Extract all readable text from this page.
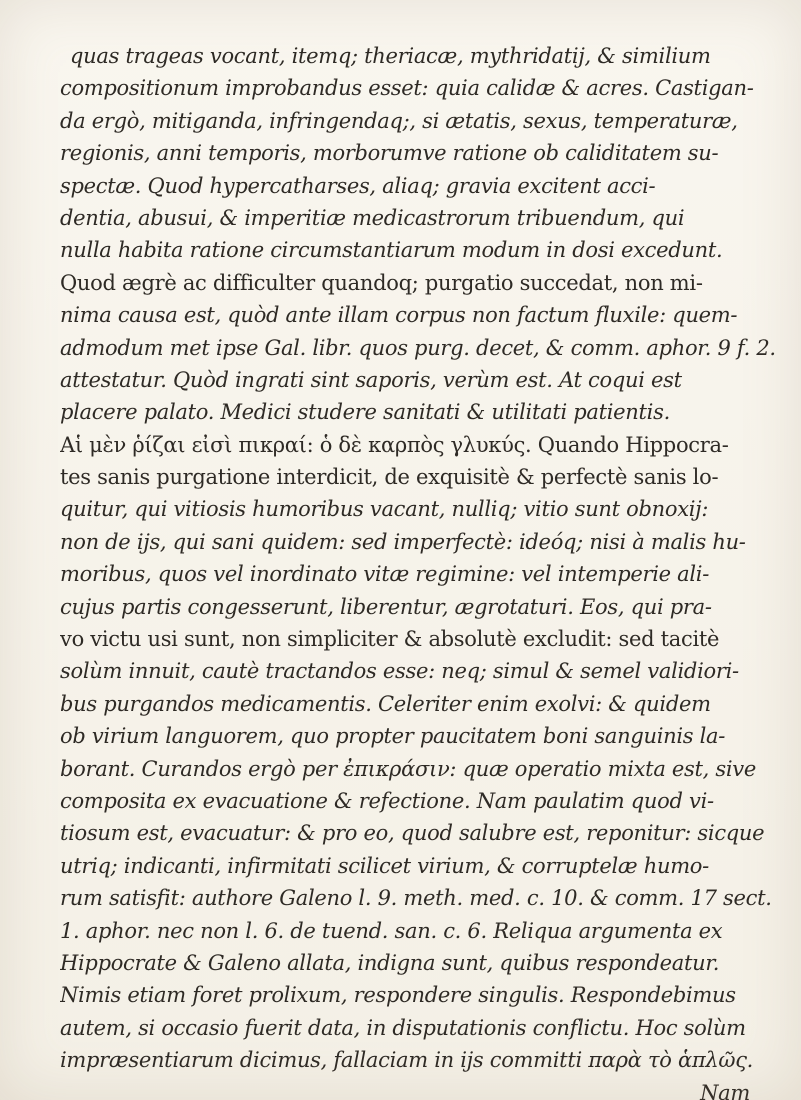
quas trageas vocant, itemq; theriacæ, mythridatij, & similium
compositionum improbandus esset: quia calidæ & acres. Castigan-
da ergò, mitiganda, infringendaq;, si ætatis, sexus, temperaturæ,
regionis, anni temporis, morborumve ratione ob caliditatem su-
spectæ. Quod hypercatharses, aliaq; gravia excitent acci-
dentia, abusui, & imperitiæ medicastrorum tribuendum, qui
nulla habita ratione circumstantiarum modum in dosi excedunt.
Quod ægrè ac difficulter quandoq; purgatio succedat, non mi-
nima causa est, quòd ante illam corpus non factum fluxile: quem-
admodum met ipse Gal. libr. quos purg. decet, & comm. aphor. 9 f. 2.
attestatur. Quòd ingrati sint saporis, verùm est. At coqui est
placere palato. Medici studere sanitati & utilitati patientis.
Αἱ μὲν ῥίζαι εἰσὶ πικραί: ὁ δὲ καρπὸς γλυκύς. Quando Hippocra-
tes sanis purgatione interdicit, de exquisitè & perfectè sanis lo-
quitur, qui vitiosis humoribus vacant, nulliq; vitio sunt obnoxij:
non de ijs, qui sani quidem: sed imperfectè: ideóq; nisi à malis hu-
moribus, quos vel inordinato vitæ regimine: vel intemperie ali-
cujus partis congesserunt, liberentur, ægrotaturi. Eos, qui pra-
vo victu usi sunt, non simpliciter & absolutè excludit: sed tacitè
solùm innuit, cautè tractandos esse: neq; simul & semel validiori-
bus purgandos medicamentis. Celeriter enim exolvi: & quidem
ob virium languorem, quo propter paucitatem boni sanguinis la-
borant. Curandos ergò per ἐπικράσιν: quæ operatio mixta est, sive
composita ex evacuatione & refectione. Nam paulatim quod vi-
tiosum est, evacuatur: & pro eo, quod salubre est, reponitur: sicque
utriq; indicanti, infirmitati scilicet virium, & corruptelæ humo-
rum satisfit: authore Galeno l. 9. meth. med. c. 10. & comm. 17 sect.
1. aphor. nec non l. 6. de tuend. san. c. 6. Reliqua argumenta ex
Hippocrate & Galeno allata, indigna sunt, quibus respondeatur.
Nimis etiam foret prolixum, respondere singulis. Respondebimus
autem, si occasio fuerit data, in disputationis conflictu. Hoc solùm
impræsentiarum dicimus, fallaciam in ijs committi παρὰ τὸ ἁπλῶς.
Nam
